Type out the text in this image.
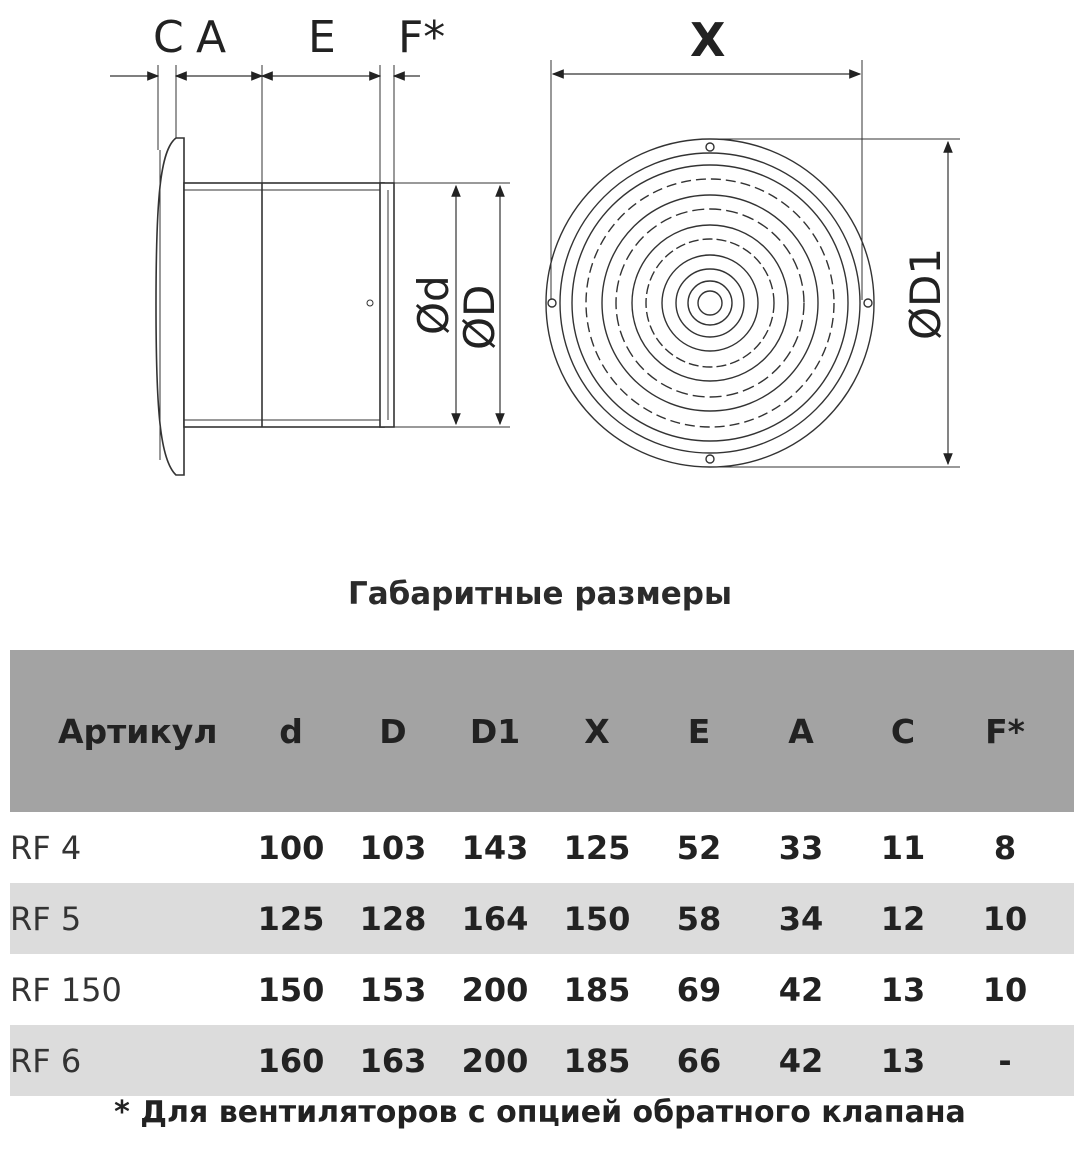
C A E F*
Ød
ØD
X
ØD1
Габаритные размеры
Артикул	d	D	D1	X	E	A	C	F*
RF 4	100	103	143	125	52	33	11	8
RF 5	125	128	164	150	58	34	12	10
RF 150	150	153	200	185	69	42	13	10
RF 6	160	163	200	185	66	42	13	-
* Для вентиляторов с опцией обратного клапана
